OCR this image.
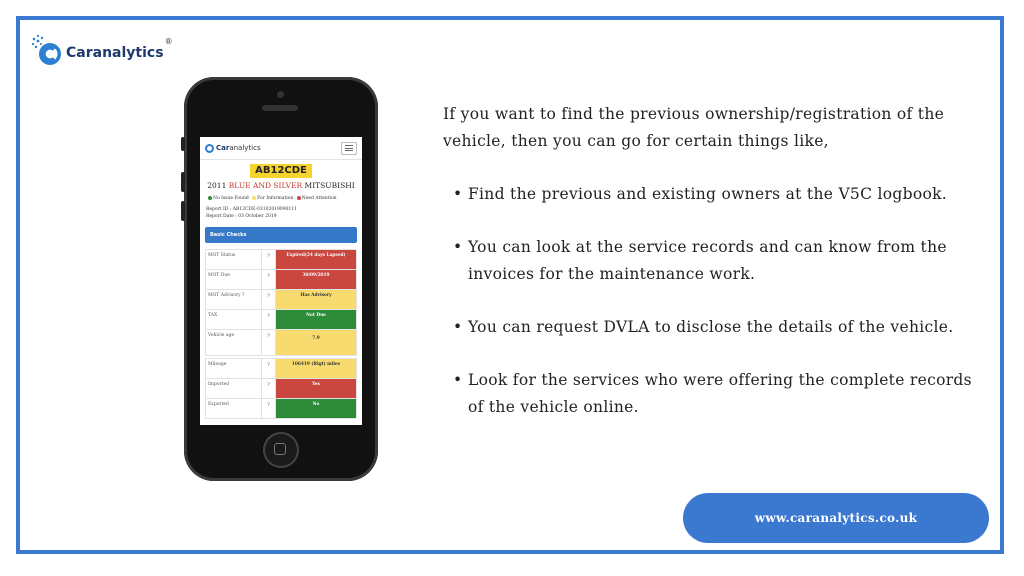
Caranalytics
®
Car analytics
AB12CDE
2011 BLUE AND SILVER MITSUBISHI
No Issue Found For Information Need Attention
Report ID : AB12CDE-03102019090111
Report Date : 03 October 2019
Basic Checks
MOT Status	?	Expired(24 days Lapsed)
MOT Due	?	30/09/2019
MOT Advisory ?	?	Has Advisory
TAX	?	Not Due
Vehicle age	?	7.9
Mileage	?	106419 (Rlgt) miles
Imported	?	Yes
Exported	?	No
If you want to find the previous ownership/registration of the vehicle, then you can go for certain things like,
• Find the previous and existing owners at the V5C logbook.
• You can look at the service records and can know from the invoices for the maintenance work.
• You can request DVLA to disclose the details of the vehicle.
• Look for the services who were offering the complete records of the vehicle online.
www.caranalytics.co.uk
